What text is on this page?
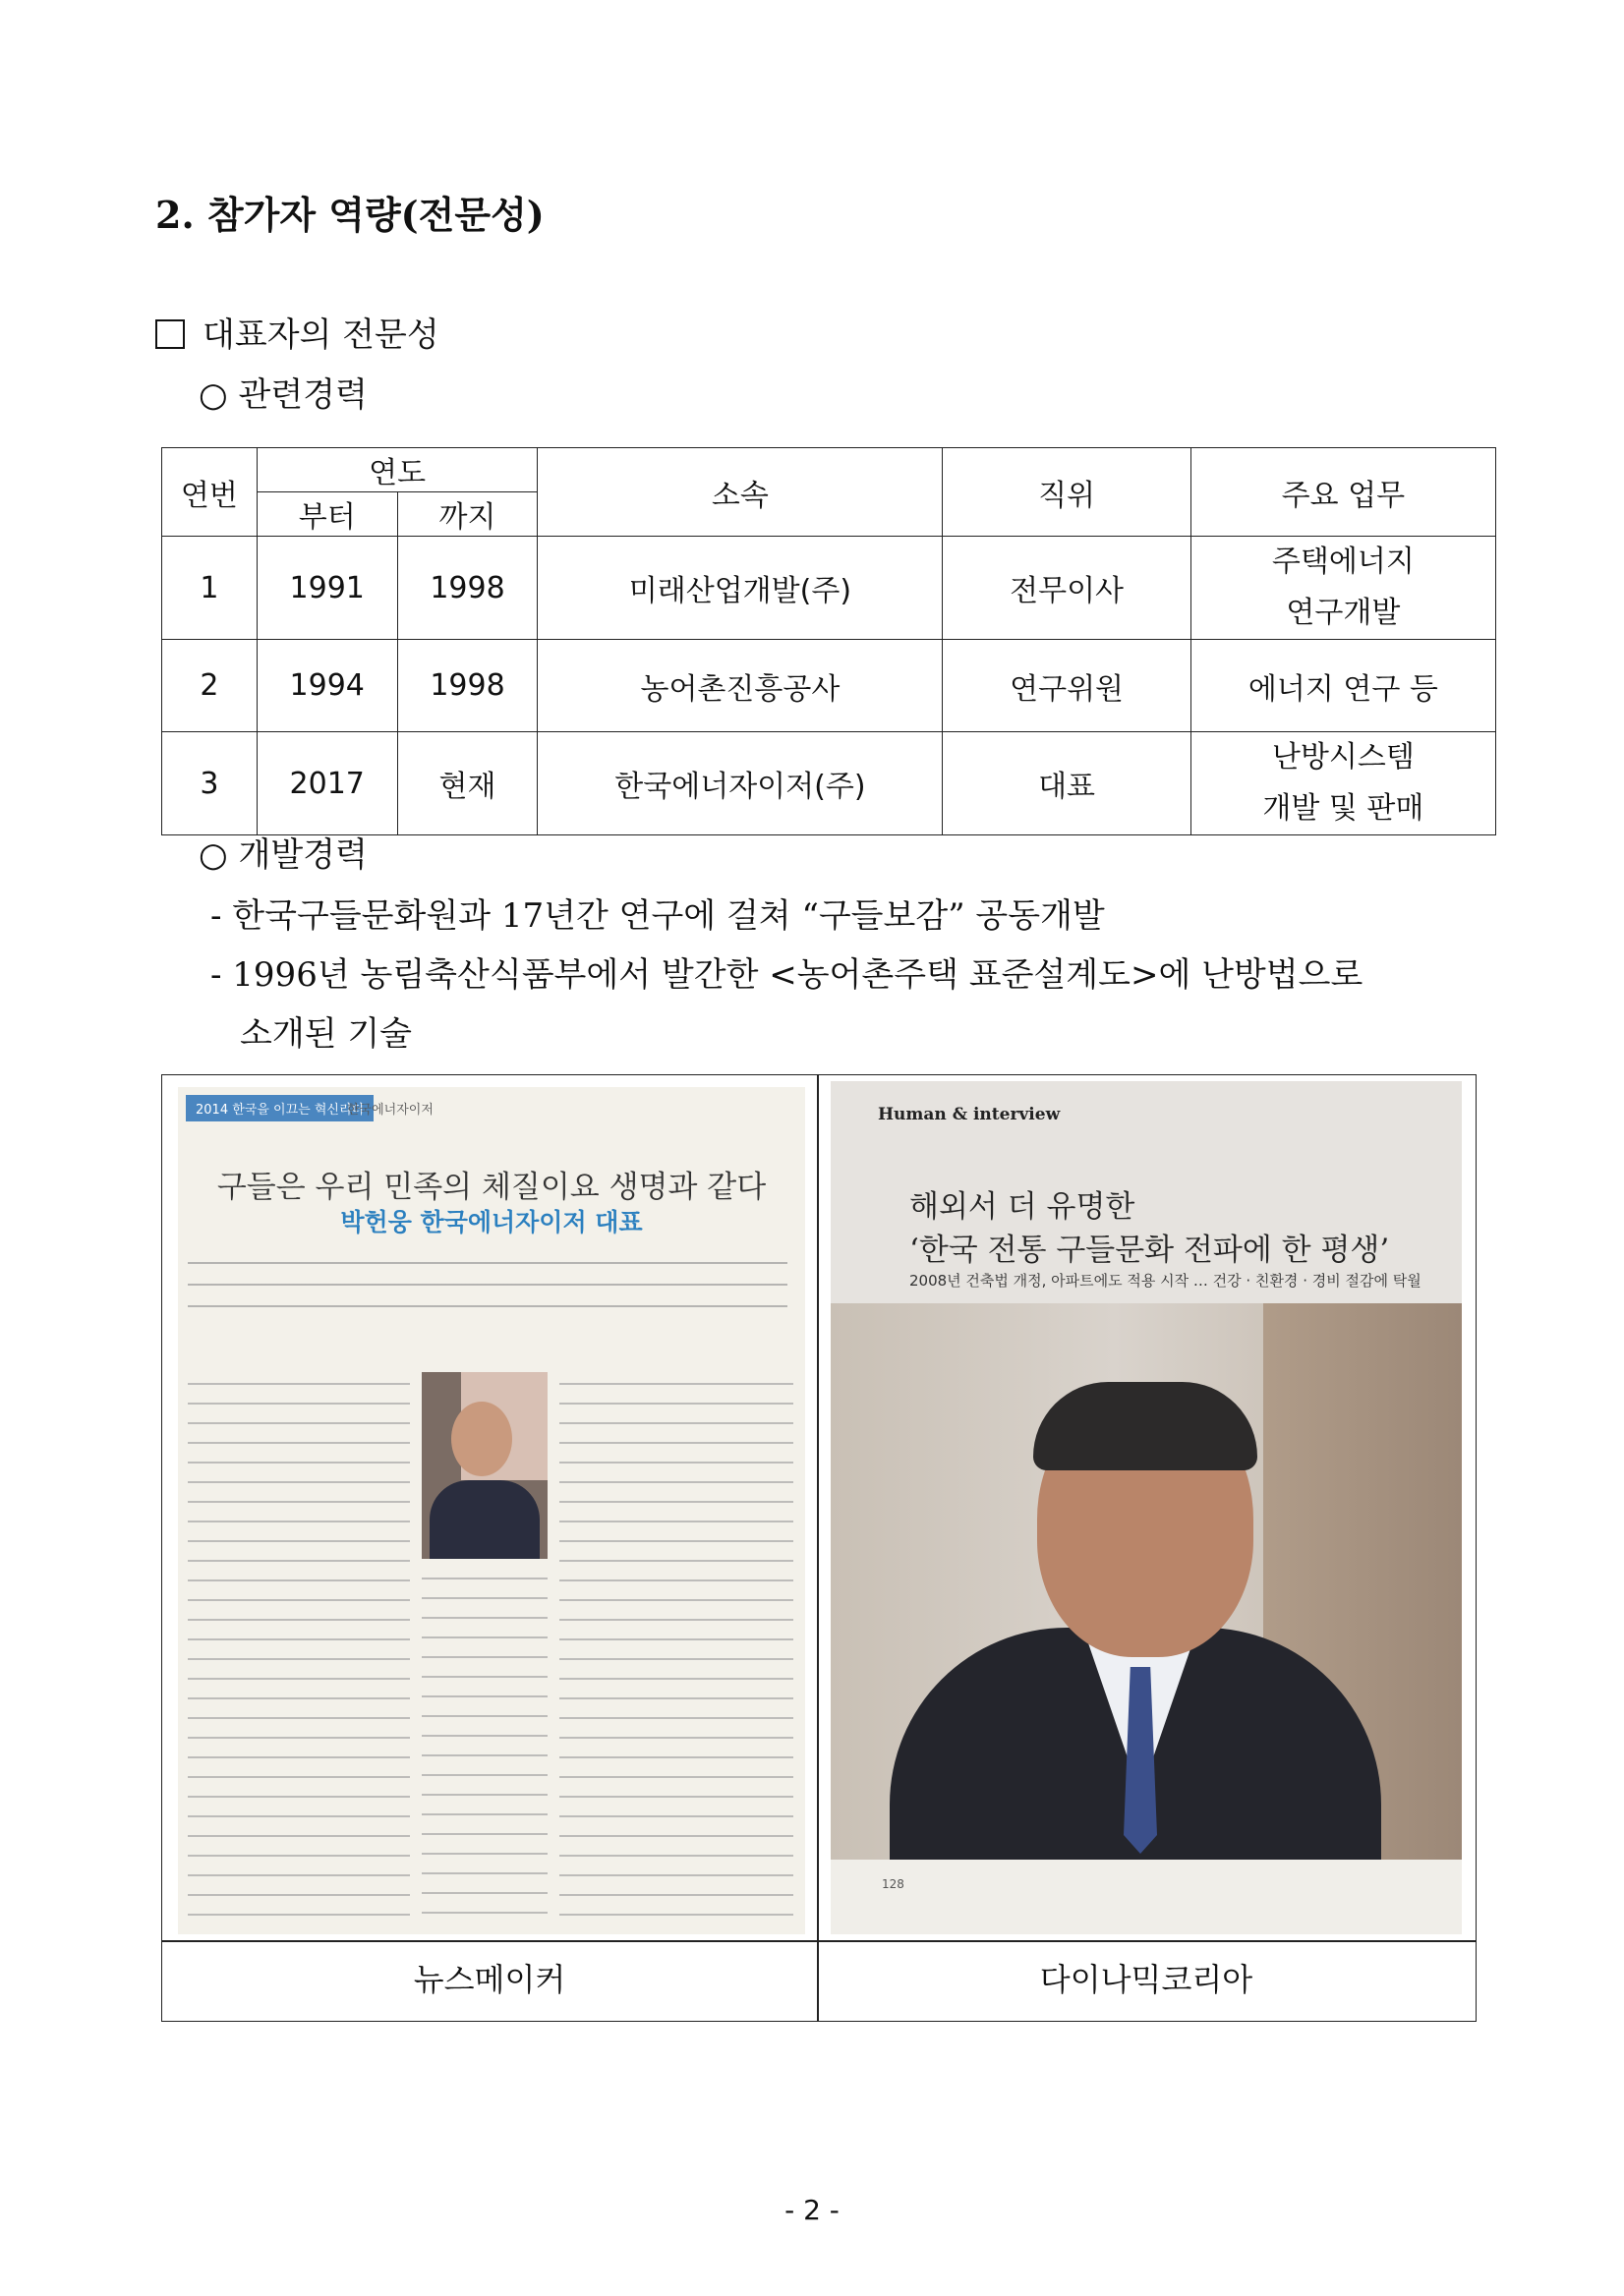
2. 참가자 역량(전문성)
대표자의 전문성
○ 관련경력
연번	연도		소속	직위	주요 업무
	부터	까지			
1	1991	1998	미래산업개발(주)	전무이사	주택에너지
연구개발

2	1994	1998	농어촌진흥공사	연구위원	에너지 연구 등
3	2017	현재	한국에너자이저(주)	대표	난방시스템
개발 및 판매
○ 개발경력
- 한국구들문화원과 17년간 연구에 걸쳐 “구들보감” 공동개발
- 1996년 농림축산식품부에서 발간한 <농어촌주택 표준설계도>에 난방법으로
소개된 기술
2014 한국을 이끄는 혁신리더
한국에너자이저
구들은 우리 민족의 체질이요 생명과 같다
박헌웅 한국에너자이저 대표
Human & interview
해외서 더 유명한
‘한국 전통 구들문화 전파에 한 평생’
2008년 건축법 개정, 아파트에도 적용 시작 … 건강 · 친환경 · 경비 절감에 탁월
128
뉴스메이커	다이나믹코리아
- 2 -
